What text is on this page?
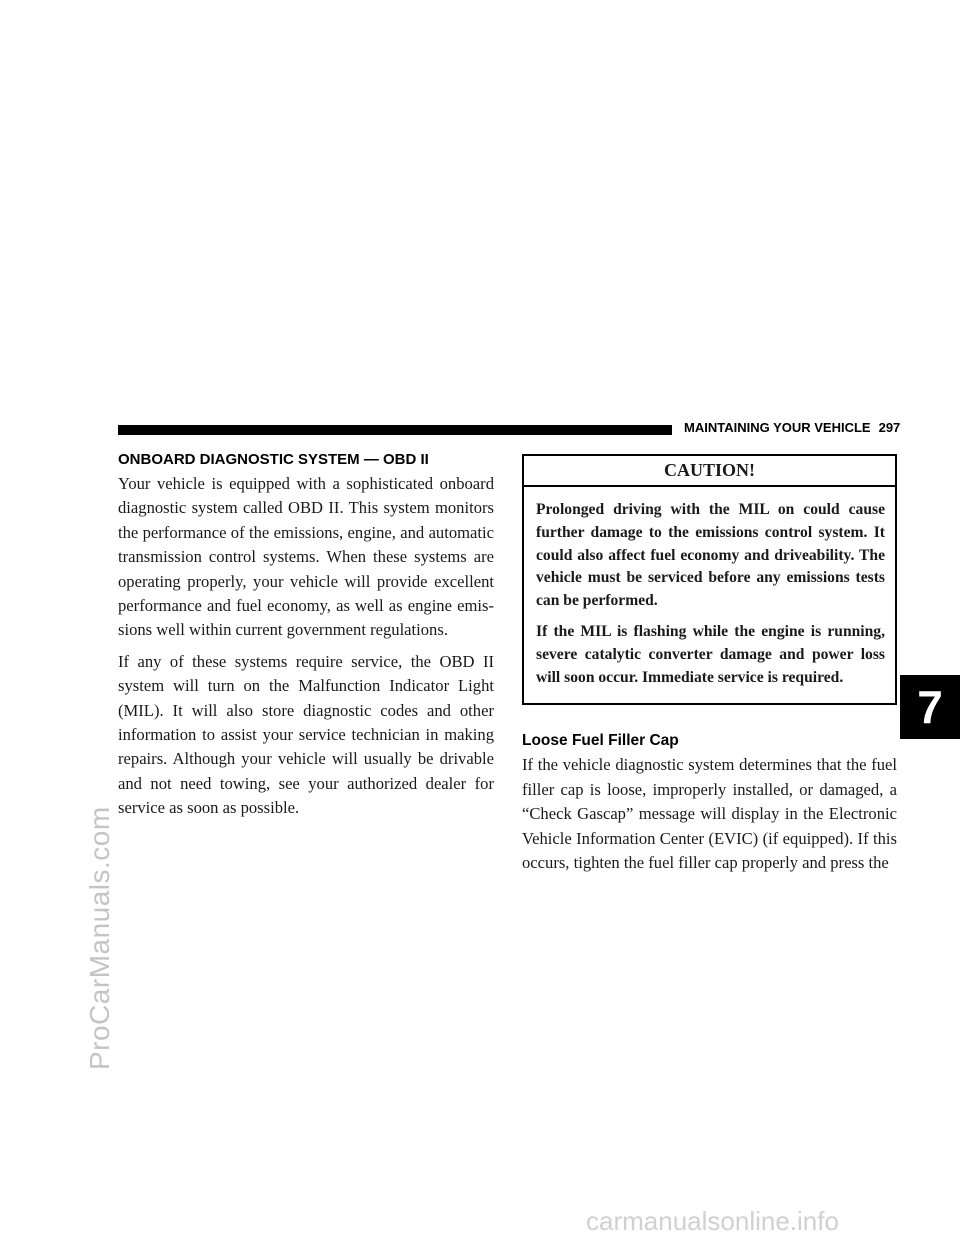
ProCarManuals.com
carmanualsonline.info
MAINTAINING YOUR VEHICLE 297
7
ONBOARD DIAGNOSTIC SYSTEM — OBD II

Your vehicle is equipped with a sophisticated onboard diagnostic system called OBD II. This system monitors the performance of the emissions, engine, and automatic transmission control systems. When these systems are operating properly, your vehicle will provide excellent performance and fuel economy, as well as engine emissions well within current government regulations.

If any of these systems require service, the OBD II system will turn on the Malfunction Indicator Light (MIL). It will also store diagnostic codes and other information to assist your service technician in making repairs. Although your vehicle will usually be drivable and not need towing, see your authorized dealer for service as soon as possible.

CAUTION!

Prolonged driving with the MIL on could cause further damage to the emissions control system. It could also affect fuel economy and driveability. The vehicle must be serviced before any emissions tests can be performed.

If the MIL is flashing while the engine is running, severe catalytic converter damage and power loss will soon occur. Immediate service is required.

Loose Fuel Filler Cap

If the vehicle diagnostic system determines that the fuel filler cap is loose, improperly installed, or damaged, a “Check Gascap” message will display in the Electronic Vehicle Information Center (EVIC) (if equipped). If this occurs, tighten the fuel filler cap properly and press the
